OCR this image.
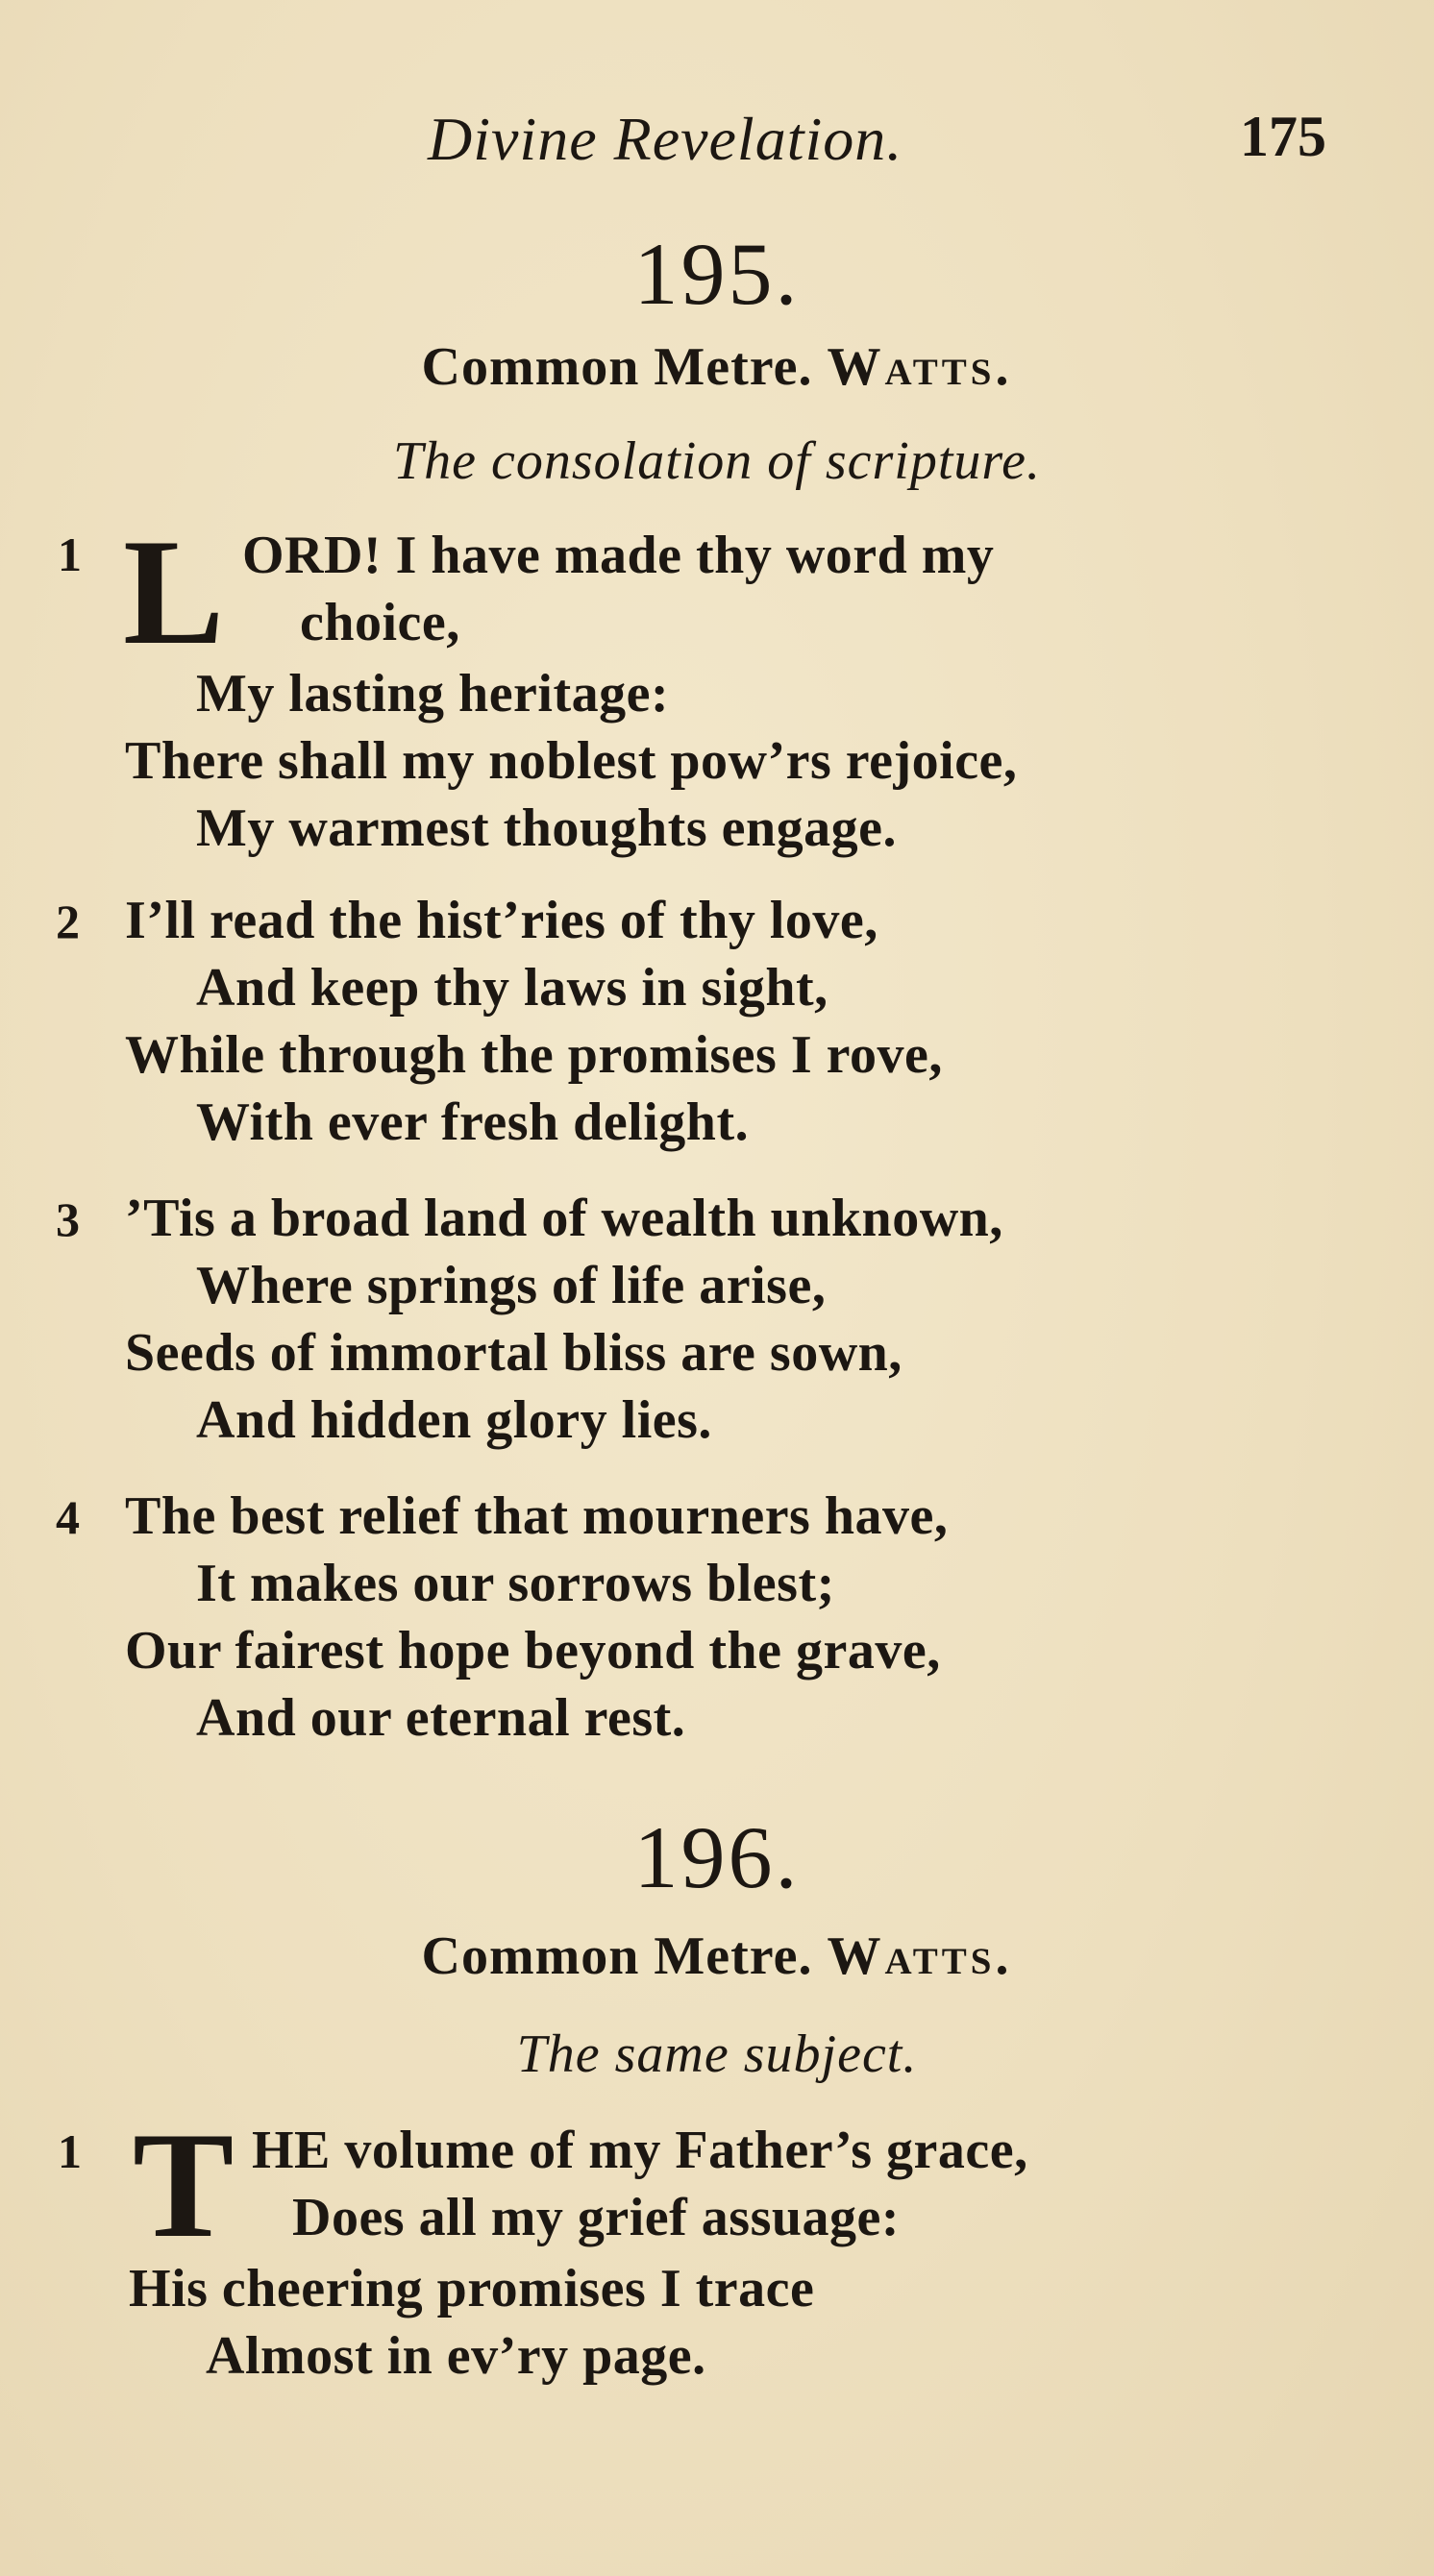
Divine Revelation.	175
195.
Common Metre. Watts.
The consolation of scripture.
1 L ORD! I have made thy word my
choice,
My lasting heritage:
There shall my noblest pow’rs rejoice,
My warmest thoughts engage.
2 I’ll read the hist’ries of thy love,
And keep thy laws in sight,
While through the promises I rove,
With ever fresh delight.
3 ’Tis a broad land of wealth unknown,
Where springs of life arise,
Seeds of immortal bliss are sown,
And hidden glory lies.
4 The best relief that mourners have,
It makes our sorrows blest;
Our fairest hope beyond the grave,
And our eternal rest.
196.
Common Metre. Watts.
The same subject.
1 T HE volume of my Father’s grace,
Does all my grief assuage:
His cheering promises I trace
Almost in ev’ry page.
